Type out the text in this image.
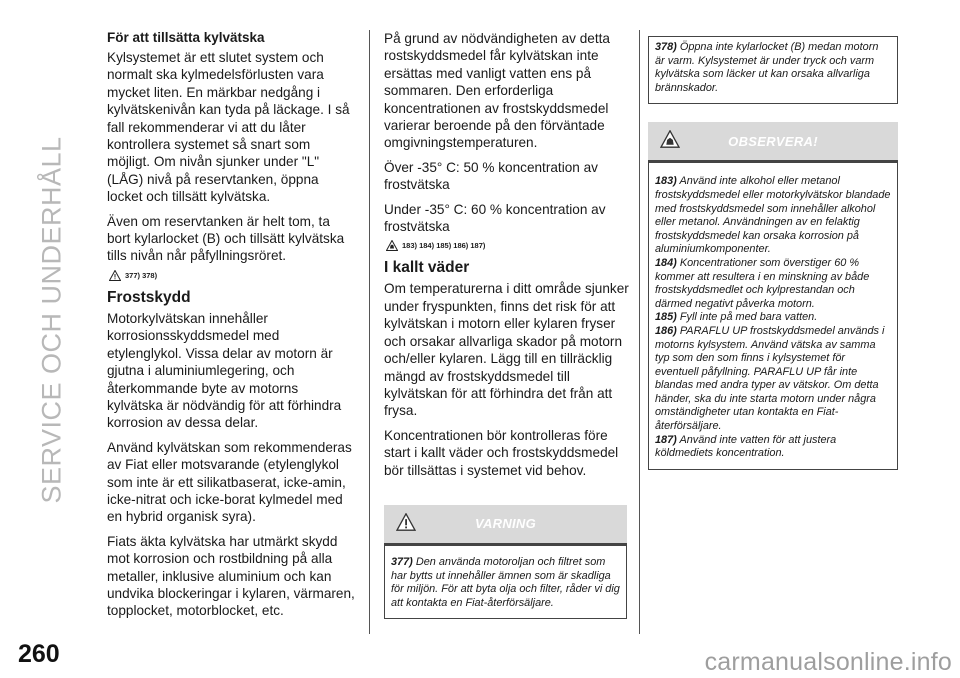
SERVICE OCH UNDERHÅLL
260	carmanualsonline.info
För att tillsätta kylvätska

Kylsystemet är ett slutet system och normalt ska kylmedelsförlusten vara mycket liten. En märkbar nedgång i kylvätskenivån kan tyda på läckage. I så fall rekommenderar vi att du låter kontrollera systemet så snart som möjligt. Om nivån sjunker under "L" (LÅG) nivå på reservtanken, öppna locket och tillsätt kylvätska.

Även om reservtanken är helt tom, ta bort kylarlocket (B) och tillsätt kylvätska tills nivån når påfyllningsröret.

377) 378)
Frostskydd

Motorkylvätskan innehåller korrosionsskyddsmedel med etylenglykol. Vissa delar av motorn är gjutna i aluminiumlegering, och återkommande byte av motorns kylvätska är nödvändig för att förhindra korrosion av dessa delar.

Använd kylvätskan som rekommenderas av Fiat eller motsvarande (etylenglykol som inte är ett silikatbaserat, icke-amin, icke-nitrat och icke-borat kylmedel med en hybrid organisk syra).

Fiats äkta kylvätska har utmärkt skydd mot korrosion och rostbildning på alla metaller, inklusive aluminium och kan undvika blockeringar i kylaren, värmaren, topplocket, motorblocket, etc.

På grund av nödvändigheten av detta rostskyddsmedel får kylvätskan inte ersättas med vanligt vatten ens på sommaren. Den erforderliga koncentrationen av frostskyddsmedel varierar beroende på den förväntade omgivningstemperaturen.

Över -35° C: 50 % koncentration av frostvätska

Under -35° C: 60 % koncentration av frostvätska

183) 184) 185) 186) 187)
I kallt väder

Om temperaturerna i ditt område sjunker under fryspunkten, finns det risk för att kylvätskan i motorn eller kylaren fryser och orsakar allvarliga skador på motorn och/eller kylaren. Lägg till en tillräcklig mängd av frostskyddsmedel till kylvätskan för att förhindra det från att frysa.

Koncentrationen bör kontrolleras före start i kallt väder och frostskyddsmedel bör tillsättas i systemet vid behov.

VARNING
377) Den använda motoroljan och filtret som har bytts ut innehåller ämnen som är skadliga för miljön. För att byta olja och filter, råder vi dig att kontakta en Fiat-återförsäljare.
378) Öppna inte kylarlocket (B) medan motorn är varm. Kylsystemet är under tryck och varm kylvätska som läcker ut kan orsaka allvarliga brännskador.
OBSERVERA!
183) Använd inte alkohol eller metanol frostskyddsmedel eller motorkylvätskor blandade med frostskyddsmedel som innehåller alkohol eller metanol. Användningen av en felaktig frostskyddsmedel kan orsaka korrosion på aluminiumkomponenter.
184) Koncentrationer som överstiger 60 % kommer att resultera i en minskning av både frostskyddsmedlet och kylprestandan och därmed negativt påverka motorn.
185) Fyll inte på med bara vatten.
186) PARAFLU UP frostskyddsmedel används i motorns kylsystem. Använd vätska av samma typ som den som finns i kylsystemet för eventuell påfyllning. PARAFLU UP får inte blandas med andra typer av vätskor. Om detta händer, ska du inte starta motorn under några omständigheter utan kontakta en Fiat-återförsäljare.
187) Använd inte vatten för att justera köldmediets koncentration.
